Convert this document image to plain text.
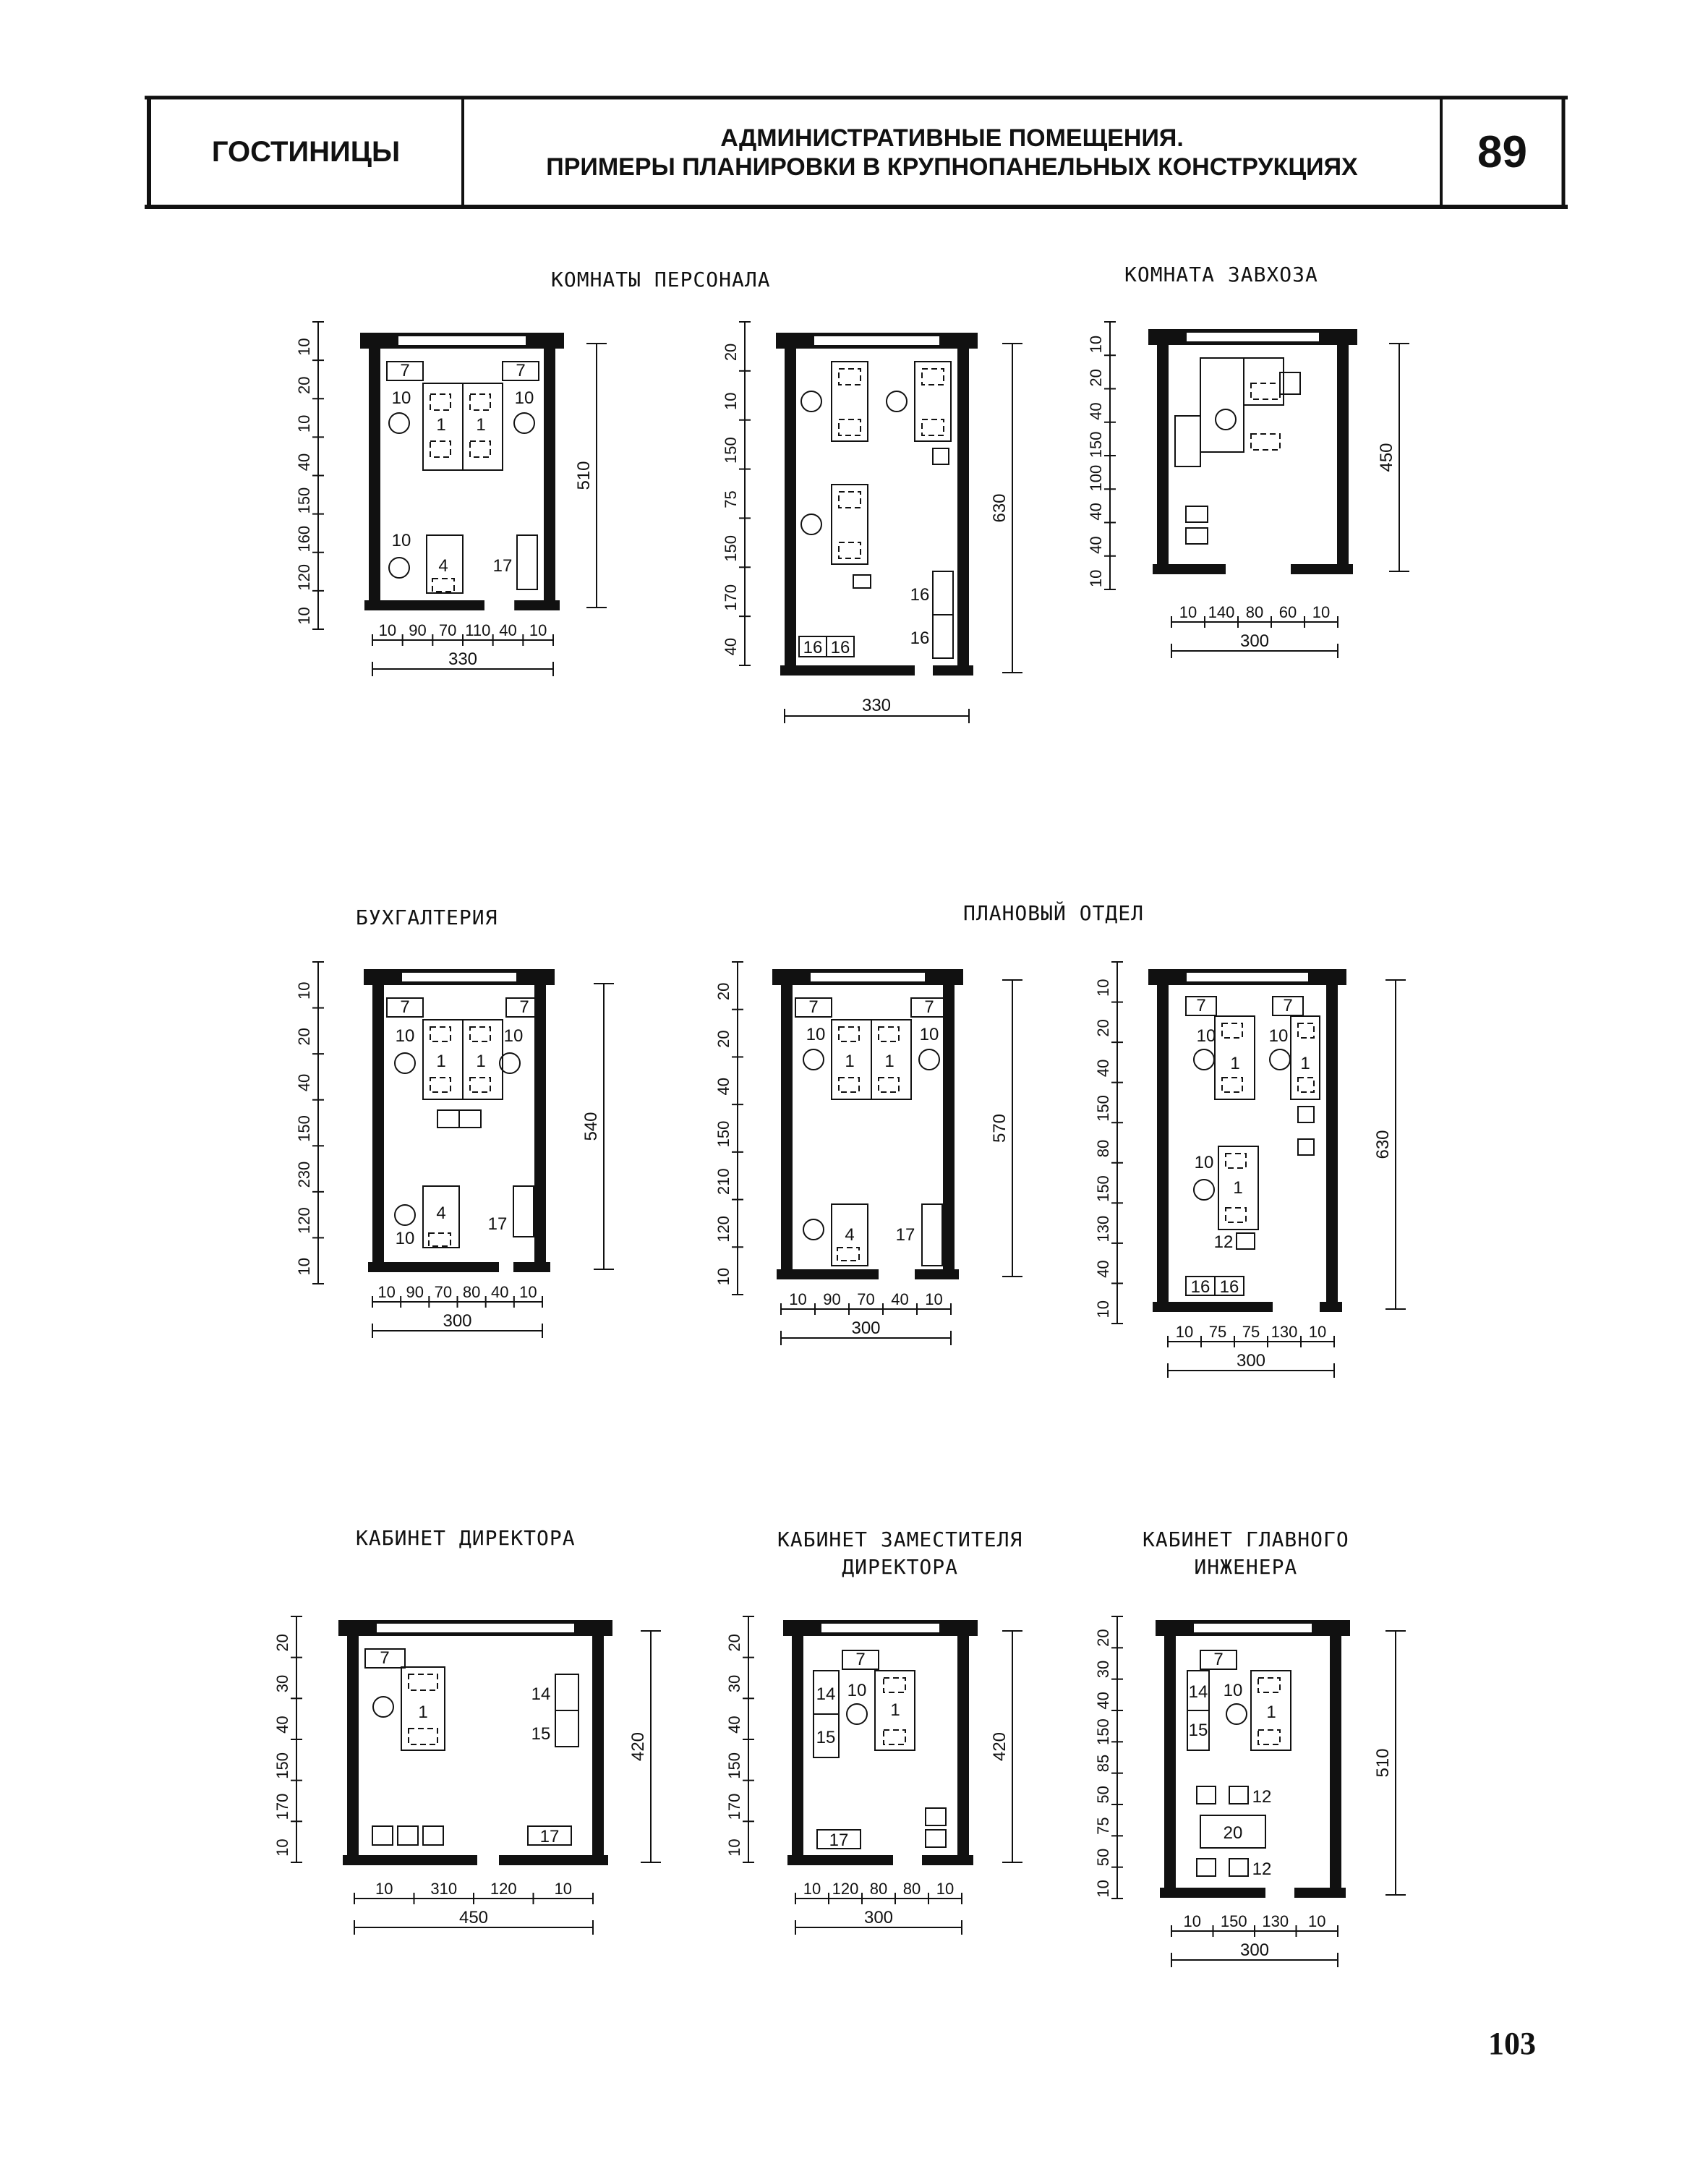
ГОСТИНИЦЫ	АДМИНИСТРАТИВНЫЕ ПОМЕЩЕНИЯ.
ПРИМЕРЫ ПЛАНИРОВКИ В КРУПНОПАНЕЛЬНЫХ КОНСТРУКЦИЯХ	89
КОМНАТЫ ПЕРСОНАЛА	КОМНАТА ЗАВХОЗА
БУХГАЛТЕРИЯ	ПЛАНОВЫЙ ОТДЕЛ
КАБИНЕТ ДИРЕКТОРА	КАБИНЕТ ЗАМЕСТИТЕЛЯ
ДИРЕКТОРА
КАБИНЕТ ГЛАВНОГО
ИНЖЕНЕРА
7	7
1 1
10	10
4
10
17
10
20
10
40
150
160
120
10
510
10 90 70 110 40 10
330
16
16
16 16
20
10
150
75
150
170
40
630
330
10
20
40
150
100
40
40
10
450
10 140 80 60 10
300
7	7
1 1
10	10
4
10
17
10
20
40
150
230
120
10
540
10 90 70 80 40 10
300
7	7
1 1
10	10
4 17
20
20
40
150
210
120
10
570
10 90 70 40 10
300
7	7
1	1
10	10
1
10
12
16 16
10
20
40
150
80
150
130
40
10
630
10 75 75 130 10
300
7
1
14
15
17
20
30
40
150
170
10
420
10 310 120 10
450
7
14
15
1
10
17
20
30
40
150
170
10
420
10 120 80 80 10
300
7
14
15
1
10
12
20
12
20
30
40
150
85
50
75
50
10
510
10 150 130 10
300
103
